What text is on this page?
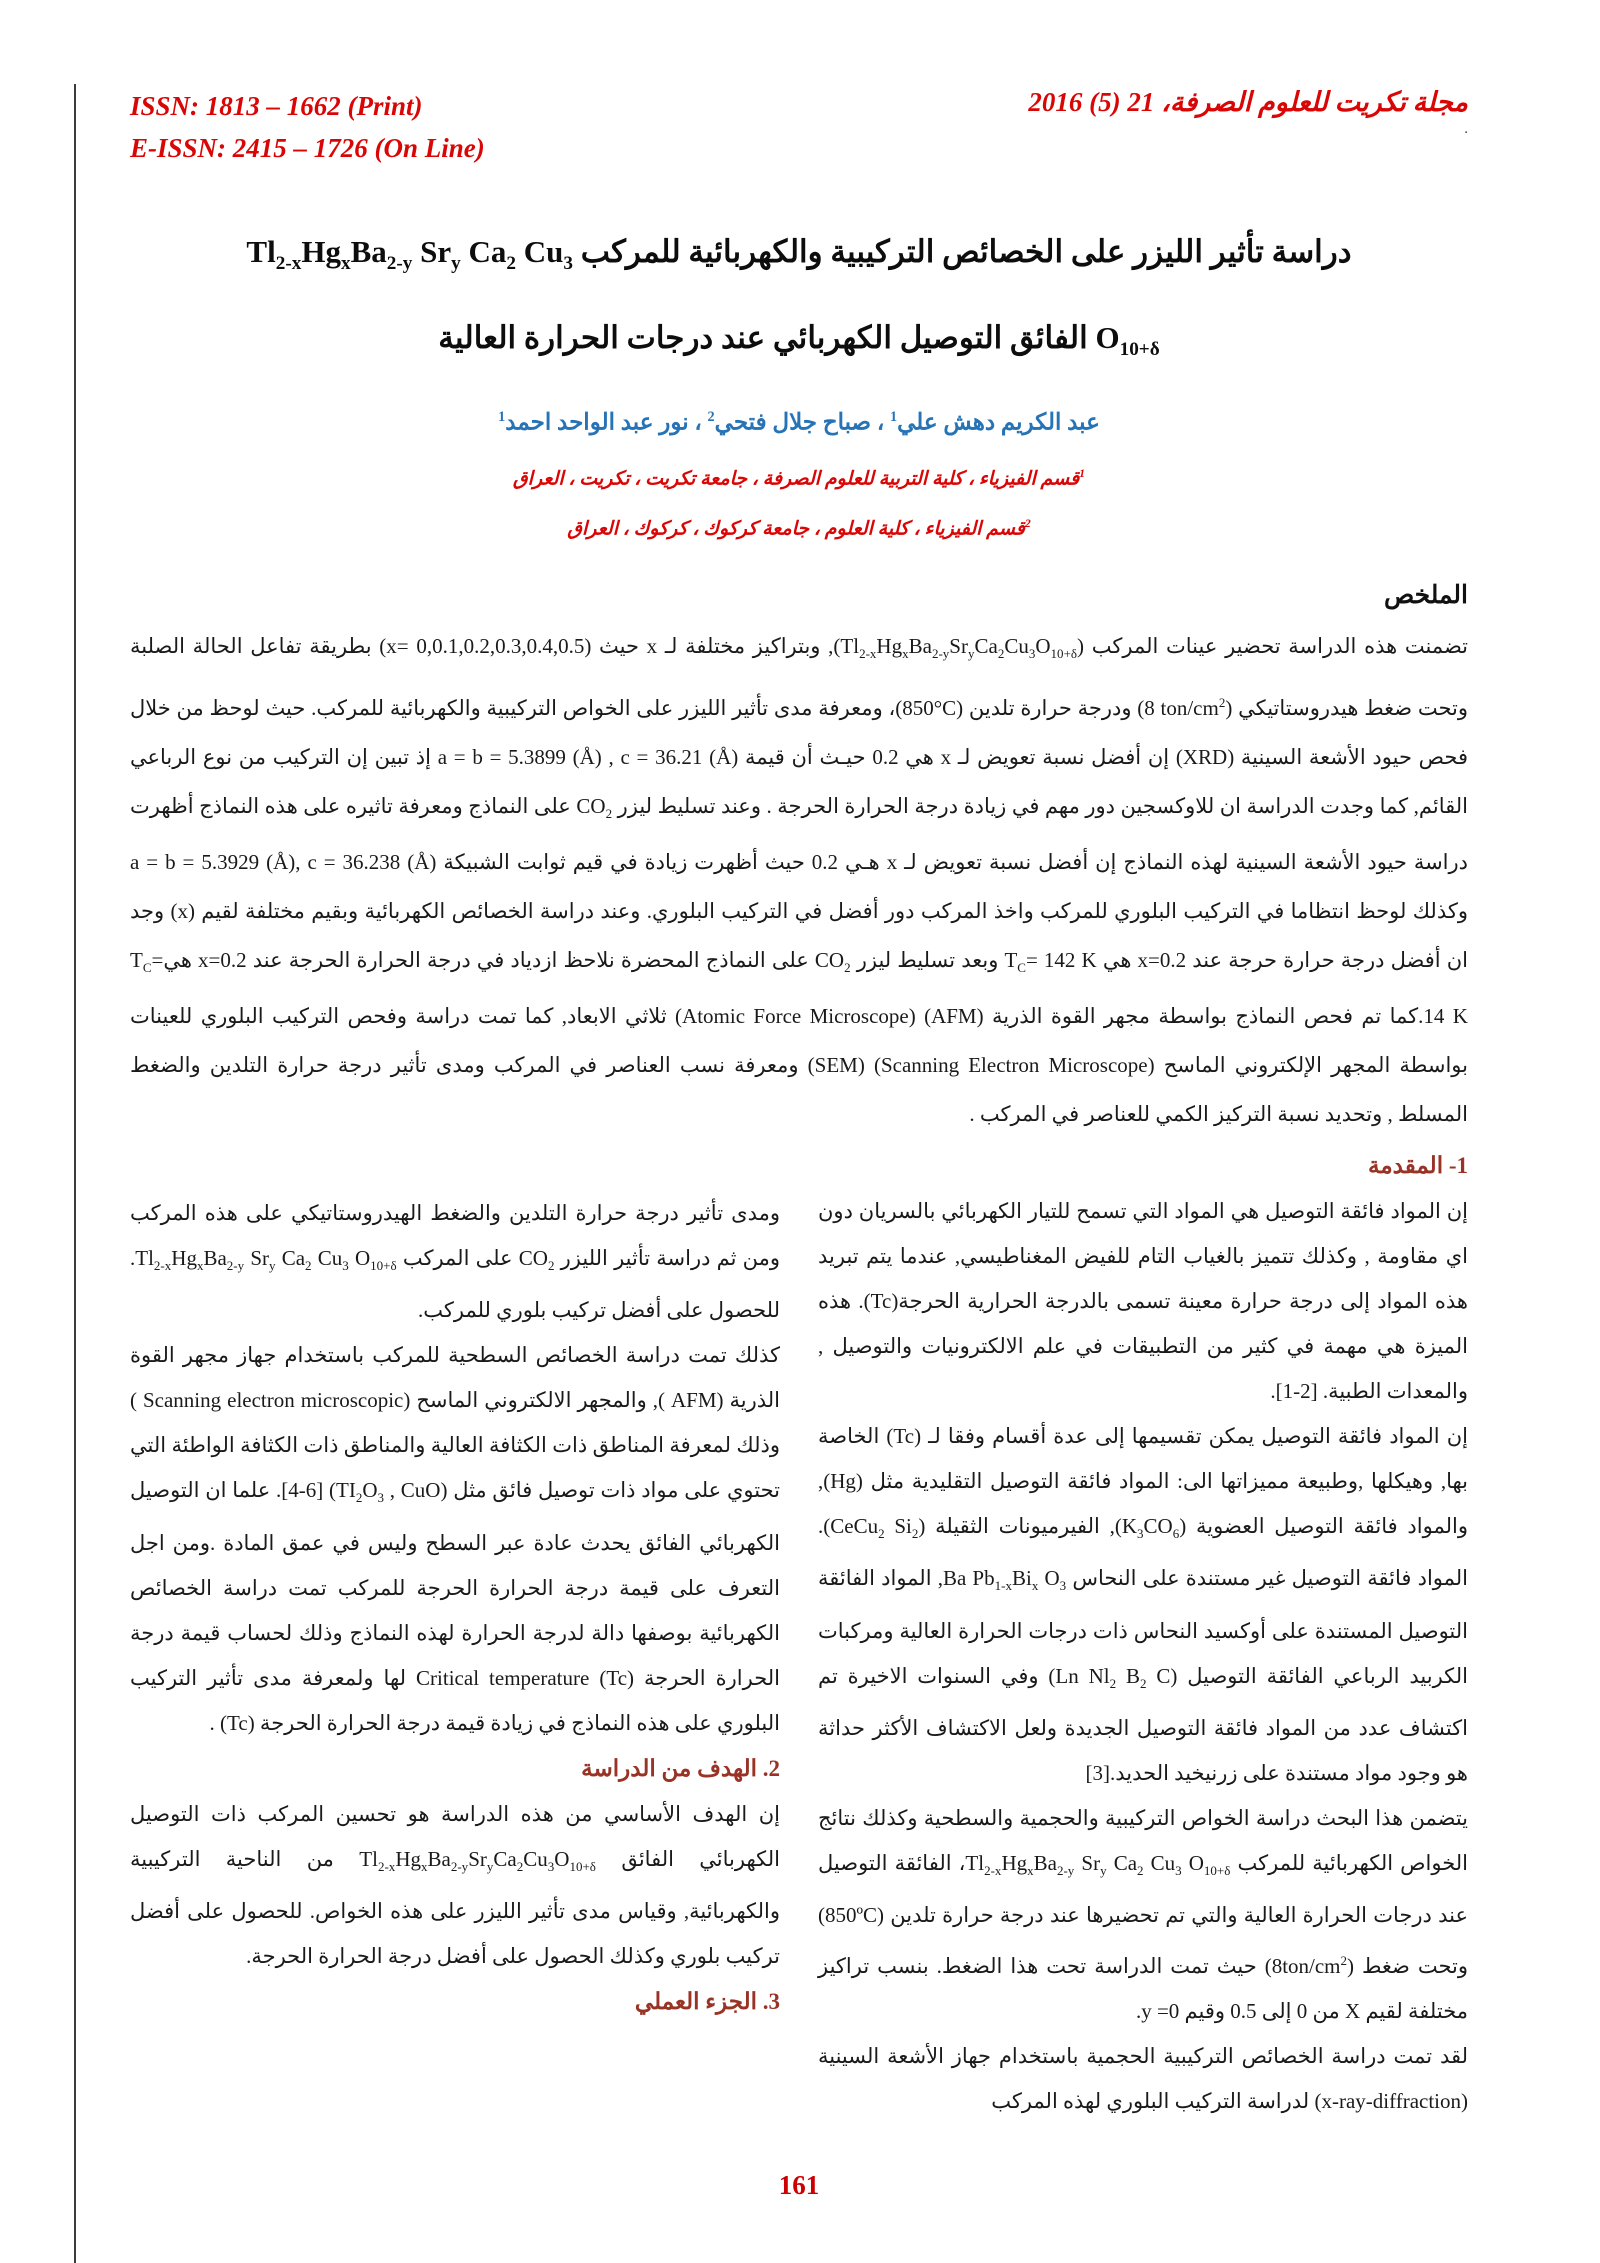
ISSN: 1813 – 1662 (Print)
E-ISSN: 2415 – 1726 (On Line)
مجلة تكريت للعلوم الصرفة، 21 (5) 2016
.
دراسة تأثير الليزر على الخصائص التركيبية والكهربائية للمركب $Tl_{2-x}Hg_xBa_{2-y}$ $Sr_y$ $Ca_2$ $Cu_3$
$O_{10+\delta}$ الفائق التوصيل الكهربائي عند درجات الحرارة العالية
عبد الكريم دهش علي$^1$ ، صباح جلال فتحي$^2$ ، نور عبد الواحد احمد$^1$
$^1$قسم الفيزياء ، كلية التربية للعلوم الصرفة ، جامعة تكريت ، تكريت ، العراق
$^2$قسم الفيزياء ، كلية العلوم ، جامعة كركوك ، كركوك ، العراق
الملخص

تضمنت هذه الدراسة تحضير عينات المركب $(Tl_{2-x}Hg_xBa_{2-y}Sr_yCa_2Cu_3O_{10+\delta})$, وبتراكيز مختلفة لـ x حيث (x= 0,0.1,0.2,0.3,0.4,0.5) بطريقة تفاعل الحالة الصلبة وتحت ضغط هيدروستاتيكي (8 ton/$cm^2$) ودرجة حرارة تلدين (850°C)، ومعرفة مدى تأثير الليزر على الخواص التركيبية والكهربائية للمركب. حيث لوحظ من خلال فحص حيود الأشعة السينية (XRD) إن أفضل نسبة تعويض لـ x هي 0.2 حيـث أن قيمة a = b = 5.3899 (Å) , c = 36.21 (Å) إذ تبين إن التركيب من نوع الرباعي القائم, كما وجدت الدراسة ان للاوكسجين دور مهم في زيادة درجة الحرارة الحرجة . وعند تسليط ليزر $CO_2$ على النماذج ومعرفة تاثيره على هذه النماذج أظهرت دراسة حيود الأشعة السينية لهذه النماذج إن أفضل نسبة تعويض لـ x هـي 0.2 حيث أظهرت زيادة في قيم ثوابت الشبيكة a = b = 5.3929 (Å), c = 36.238 (Å) وكذلك لوحظ انتظاما في التركيب البلوري للمركب واخذ المركب دور أفضل في التركيب البلوري. وعند دراسة الخصائص الكهربائية وبقيم مختلفة لقيم (x) وجد ان أفضل درجة حرارة حرجة عند x=0.2 هي $T_C= 142$ K وبعد تسليط ليزر $CO_2$ على النماذج المحضرة نلاحظ ازدياد في درجة الحرارة الحرجة عند x=0.2 هيT$_C$= 14 K.كما تم فحص النماذج بواسطة مجهر القوة الذرية (AFM) (Atomic Force Microscope) ثلاثي الابعاد, كما تمت دراسة وفحص التركيب البلوري للعينات بواسطة المجهر الإلكتروني الماسح (Scanning Electron Microscope) (SEM) ومعرفة نسب العناصر في المركب ومدى تأثير درجة حرارة التلدين والضغط المسلط , وتحديد نسبة التركيز الكمي للعناصر في المركب .

1- المقدمة

إن المواد فائقة التوصيل هي المواد التي تسمح للتيار الكهربائي بالسريان دون اي مقاومة , وكذلك تتميز بالغياب التام للفيض المغناطيسي, عندما يتم تبريد هذه المواد إلى درجة حرارة معينة تسمى بالدرجة الحرارية الحرجة(Tc). هذه الميزة هي مهمة في كثير من التطبيقات في علم الالكترونيات والتوصيل , والمعدات الطبية. [2-1].

إن المواد فائقة التوصيل يمكن تقسيمها إلى عدة أقسام وفقا لـ (Tc) الخاصة بها, وهيكلها ,وطبيعة مميزاتها الى: المواد فائقة التوصيل التقليدية مثل (Hg), والمواد فائقة التوصيل العضوية $(K_3CO_6)$, الفيرميونات الثقيلة (CeCu$_2$ $Si_2$). المواد فائقة التوصيل غير مستندة على النحاس Ba $Pb_{1-x}Bi_x$ $O_3$, المواد الفائقة التوصيل المستندة على أوكسيد النحاس ذات درجات الحرارة العالية ومركبات الكربيد الرباعي الفائقة التوصيل (Ln $Nl_2$ $B_2$ C) وفي السنوات الاخيرة تم اكتشاف عدد من المواد فائقة التوصيل الجديدة ولعل الاكتشاف الأكثر حداثة هو وجود مواد مستندة على زرنيخيد الحديد.[3]

يتضمن هذا البحث دراسة الخواص التركيبية والحجمية والسطحية وكذلك نتائج الخواص الكهربائية للمركب $Tl_{2-x}Hg_xBa_{2-y}$ $Sr_y$ $Ca_2$ $Cu_3$ $O_{10+\delta}،$ الفائقة التوصيل عند درجات الحرارة العالية والتي تم تحضيرها عند درجة حرارة تلدين (850ºC) وتحت ضغط $(8ton/cm^2)$ حيث تمت الدراسة تحت هذا الضغط. بنسب تراكيز مختلفة لقيم X من 0 إلى 0.5 وقيم y =0.

لقد تمت دراسة الخصائص التركيبية الحجمية باستخدام جهاز الأشعة السينية (x-ray-diffraction) لدراسة التركيب البلوري لهذه المركب

ومدى تأثير درجة حرارة التلدين والضغط الهيدروستاتيكي على هذه المركب ومن ثم دراسة تأثير الليزر $CO_2$ على المركب $Tl_{2-x}Hg_xBa_{2-y}$ $Sr_y$ $Ca_2$ $Cu_3$ $O_{10+\delta}$. للحصول على أفضل تركيب بلوري للمركب.

كذلك تمت دراسة الخصائص السطحية للمركب باستخدام جهاز مجهر القوة الذرية ( AFM), والمجهر الالكتروني الماسح ( Scanning electron microscopic) وذلك لمعرفة المناطق ذات الكثافة العالية والمناطق ذات الكثافة الواطئة التي تحتوي على مواد ذات توصيل فائق مثل ($TI_2O_3$ , CuO) [6-4]. علما ان التوصيل الكهربائي الفائق يحدث عادة عبر السطح وليس في عمق المادة .ومن اجل التعرف على قيمة درجة الحرارة الحرجة للمركب تمت دراسة الخصائص الكهربائية بوصفها دالة لدرجة الحرارة لهذه النماذج وذلك لحساب قيمة درجة الحرارة الحرجة (Tc) Critical temperature لها ولمعرفة مدى تأثير التركيب البلوري على هذه النماذج في زيادة قيمة درجة الحرارة الحرجة (Tc) .

2. الهدف من الدراسة

إن الهدف الأساسي من هذه الدراسة هو تحسين المركب ذات التوصيل الكهربائي الفائق $Tl_{2-x}Hg_xBa_{2-y}Sr_yCa_2Cu_3O_{10+\delta}$ من الناحية التركيبية والكهربائية, وقياس مدى تأثير الليزر على هذه الخواص. للحصول على أفضل تركيب بلوري وكذلك الحصول على أفضل درجة الحرارة الحرجة.

3. الجزء العملي
161
